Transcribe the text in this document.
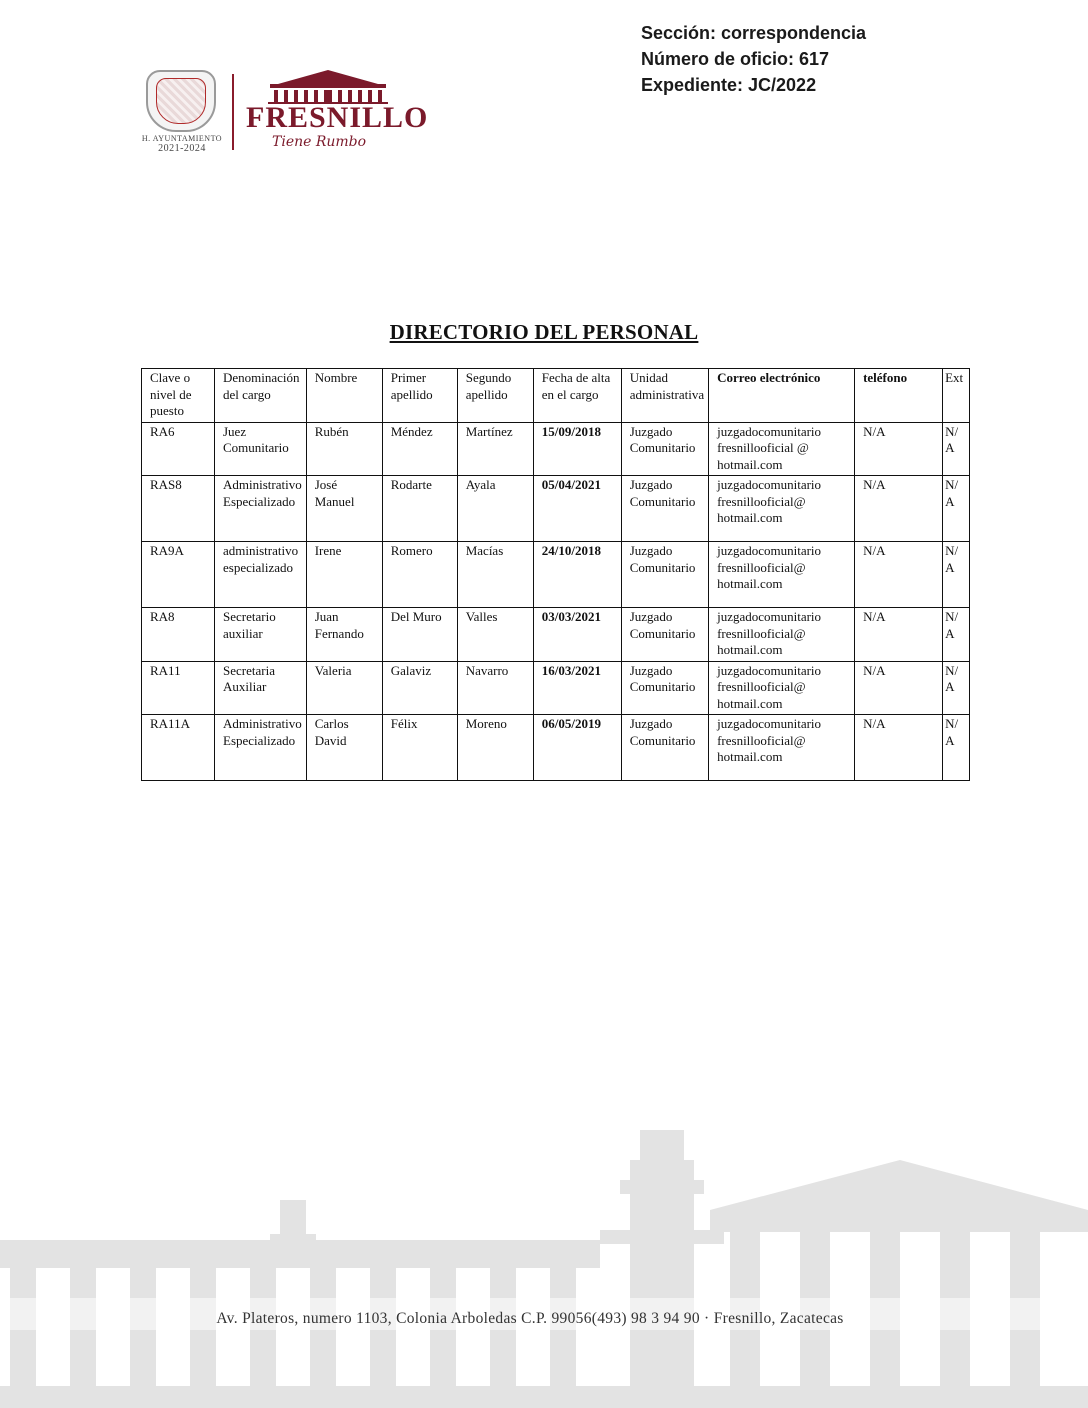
Sección: correspondencia
Número de oficio: 617
Expediente: JC/2022
H. AYUNTAMIENTO
2021-2024
FRESNILLO
Tiene Rumbo
DIRECTORIO DEL PERSONAL
Clave o nivel de puesto	Denominación del cargo	Nombre	Primer apellido	Segundo apellido	Fecha de alta en el cargo	Unidad administrativa	Correo electrónico	teléfono	Ext
RA6	Juez Comunitario	Rubén	Méndez	Martínez	15/09/2018	Juzgado Comunitario	juzgadocomunitario fresnillooficial @ hotmail.com	N/A	N/A
RAS8	Administrativo Especializado	José Manuel	Rodarte	Ayala	05/04/2021	Juzgado Comunitario	juzgadocomunitario fresnillooficial@ hotmail.com	N/A	N/A
RA9A	administrativo especializado	Irene	Romero	Macías	24/10/2018	Juzgado Comunitario	juzgadocomunitario fresnillooficial@ hotmail.com	N/A	N/A
RA8	Secretario auxiliar	Juan Fernando	Del Muro	Valles	03/03/2021	Juzgado Comunitario	juzgadocomunitario fresnillooficial@ hotmail.com	N/A	N/A
RA11	Secretaria Auxiliar	Valeria	Galaviz	Navarro	16/03/2021	Juzgado Comunitario	juzgadocomunitario fresnillooficial@ hotmail.com	N/A	N/A
RA11A	Administrativo Especializado	Carlos David	Félix	Moreno	06/05/2019	Juzgado Comunitario	juzgadocomunitario fresnillooficial@ hotmail.com	N/A	N/A
Av. Plateros, numero 1103, Colonia Arboledas C.P. 99056(493) 98 3 94 90 · Fresnillo, Zacatecas
